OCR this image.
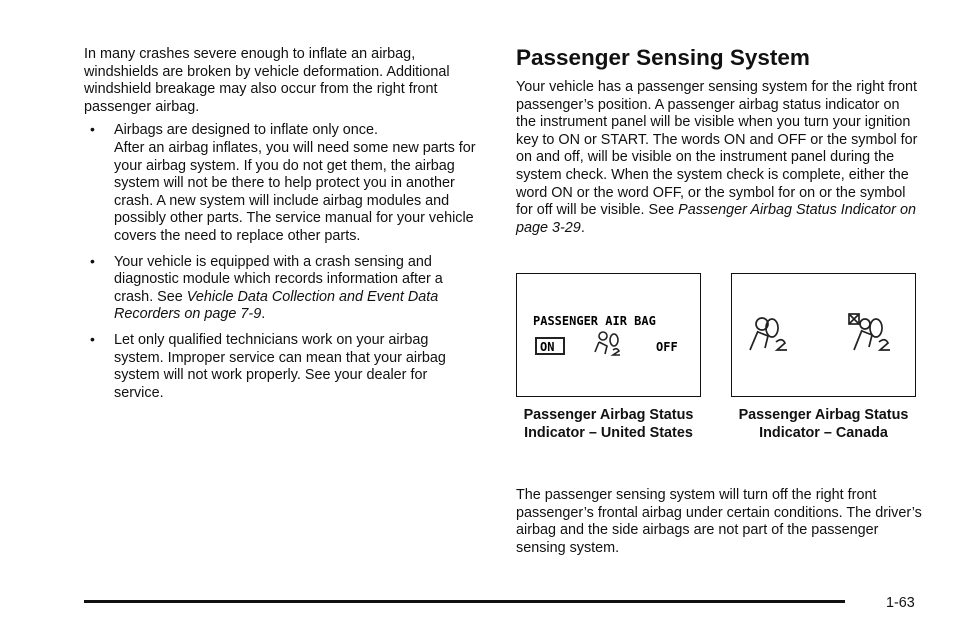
In many crashes severe enough to inflate an airbag, windshields are broken by vehicle deformation. Additional windshield breakage may also occur from the right front passenger airbag.

• Airbags are designed to inflate only once.
After an airbag inflates, you will need some new parts for your airbag system. If you do not get them, the airbag system will not be there to help protect you in another crash. A new system will include airbag modules and possibly other parts. The service manual for your vehicle covers the need to replace other parts.
• Your vehicle is equipped with a crash sensing and diagnostic module which records information after a crash. See Vehicle Data Collection and Event Data Recorders on page 7-9.
• Let only qualified technicians work on your airbag system. Improper service can mean that your airbag system will not work properly. See your dealer for service.
Passenger Sensing System

Your vehicle has a passenger sensing system for the right front passenger’s position. A passenger airbag status indicator on the instrument panel will be visible when you turn your ignition key to ON or START. The words ON and OFF or the symbol for on and off, will be visible on the instrument panel during the system check. When the system check is complete, either the word ON or the word OFF, or the symbol for on or the symbol for off will be visible. See Passenger Airbag Status Indicator on page 3-29.

PASSENGER AIR BAG
ON	OFF
Passenger Airbag Status Indicator – United States
Passenger Airbag Status Indicator – Canada
The passenger sensing system will turn off the right front passenger’s frontal airbag under certain conditions. The driver’s airbag and the side airbags are not part of the passenger sensing system.
1-63
